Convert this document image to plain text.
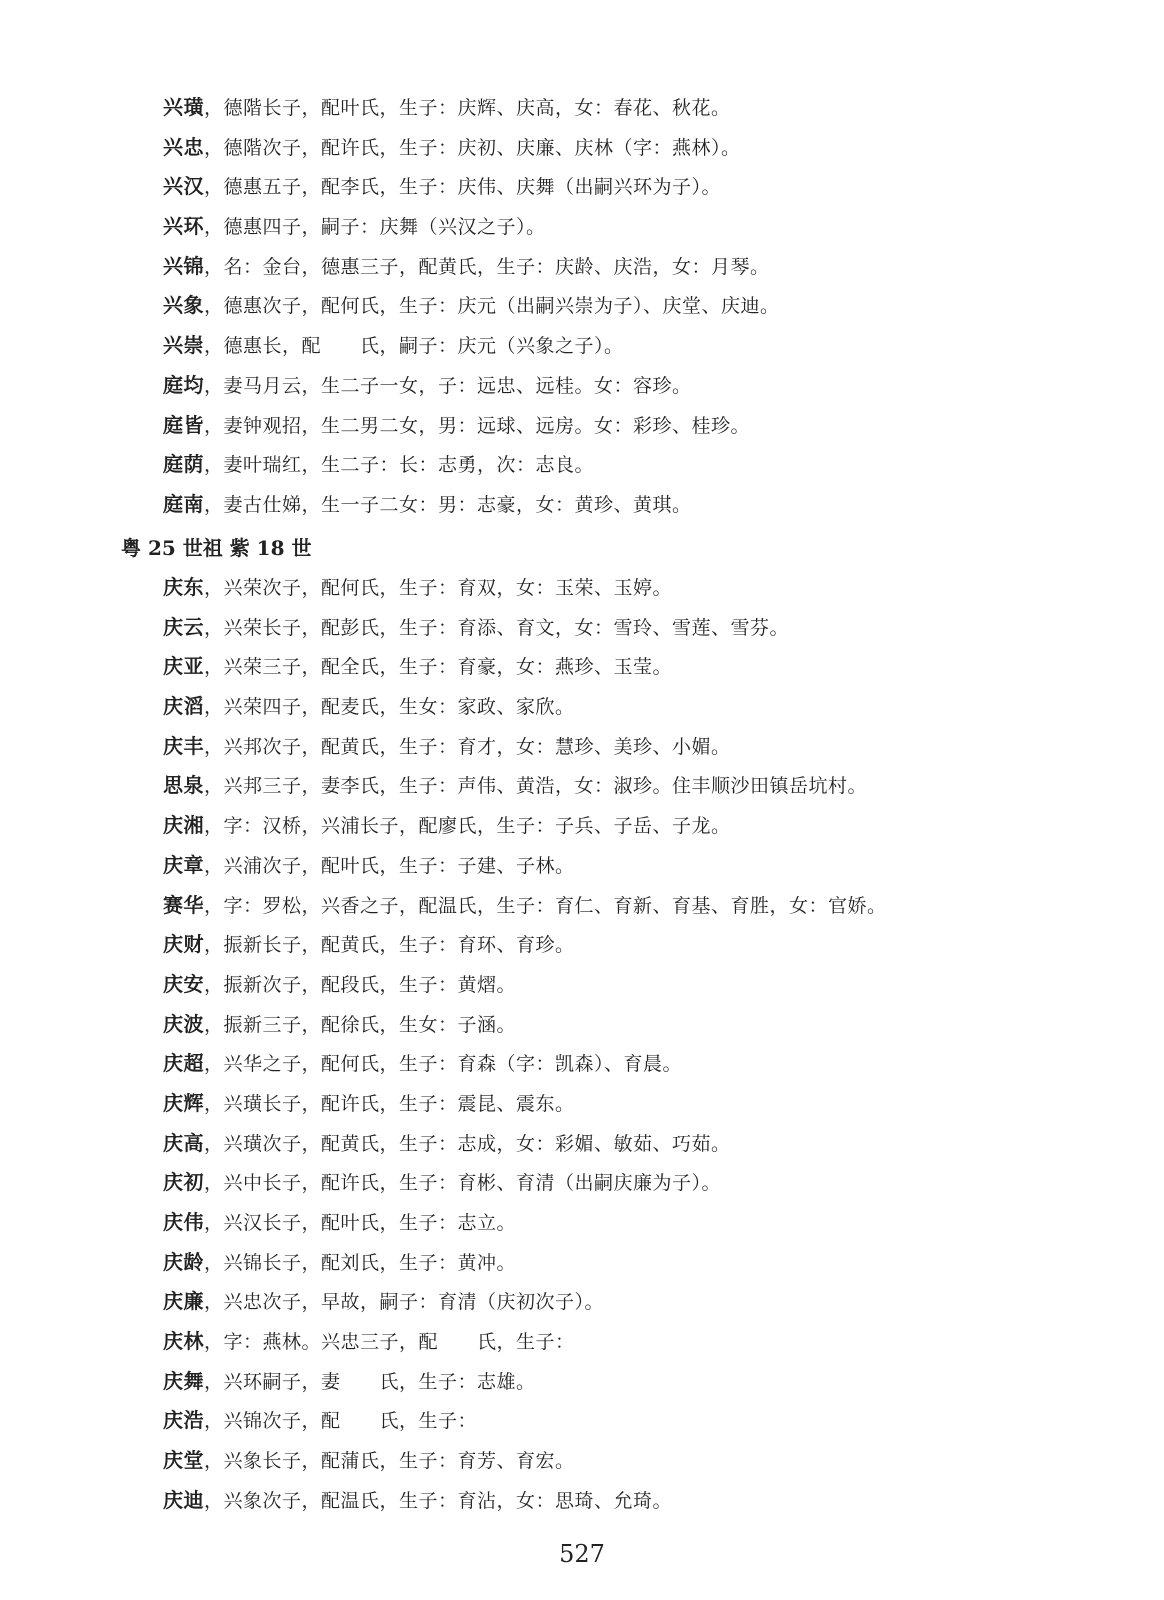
兴璜，德階长子，配叶氏，生子：庆辉、庆高，女：春花、秋花。
兴忠，德階次子，配许氏，生子：庆初、庆廉、庆林（字：燕林）。
兴汉，德惠五子，配李氏，生子：庆伟、庆舞（出嗣兴环为子）。
兴环，德惠四子，嗣子：庆舞（兴汉之子）。
兴锦，名：金台，德惠三子，配黄氏，生子：庆龄、庆浩，女：月琴。
兴象，德惠次子，配何氏，生子：庆元（出嗣兴崇为子）、庆堂、庆迪。
兴崇，德惠长，配　　氏，嗣子：庆元（兴象之子）。
庭均，妻马月云，生二子一女，子：远忠、远桂。女：容珍。
庭皆，妻钟观招，生二男二女，男：远球、远房。女：彩珍、桂珍。
庭荫，妻叶瑞红，生二子：长：志勇，次：志良。
庭南，妻古仕娣，生一子二女：男：志豪，女：黄珍、黄琪。
粤 25 世祖 紫 18 世
庆东，兴荣次子，配何氏，生子：育双，女：玉荣、玉婷。
庆云，兴荣长子，配彭氏，生子：育添、育文，女：雪玲、雪莲、雪芬。
庆亚，兴荣三子，配全氏，生子：育豪，女：燕珍、玉莹。
庆滔，兴荣四子，配麦氏，生女：家政、家欣。
庆丰，兴邦次子，配黄氏，生子：育才，女：慧珍、美珍、小媚。
思泉，兴邦三子，妻李氏，生子：声伟、黄浩，女：淑珍。住丰顺沙田镇岳坑村。
庆湘，字：汉桥，兴浦长子，配廖氏，生子：子兵、子岳、子龙。
庆章，兴浦次子，配叶氏，生子：子建、子林。
赛华，字：罗松，兴香之子，配温氏，生子：育仁、育新、育基、育胜，女：官娇。
庆财，振新长子，配黄氏，生子：育环、育珍。
庆安，振新次子，配段氏，生子：黄熠。
庆波，振新三子，配徐氏，生女：子涵。
庆超，兴华之子，配何氏，生子：育森（字：凯森）、育晨。
庆辉，兴璜长子，配许氏，生子：震昆、震东。
庆高，兴璜次子，配黄氏，生子：志成，女：彩媚、敏茹、巧茹。
庆初，兴中长子，配许氏，生子：育彬、育清（出嗣庆廉为子）。
庆伟，兴汉长子，配叶氏，生子：志立。
庆龄，兴锦长子，配刘氏，生子：黄冲。
庆廉，兴忠次子，早故，嗣子：育清（庆初次子）。
庆林，字：燕林。兴忠三子，配　　氏，生子：
庆舞，兴环嗣子，妻　　氏，生子：志雄。
庆浩，兴锦次子，配　　氏，生子：
庆堂，兴象长子，配蒲氏，生子：育芳、育宏。
庆迪，兴象次子，配温氏，生子：育沾，女：思琦、允琦。
527
